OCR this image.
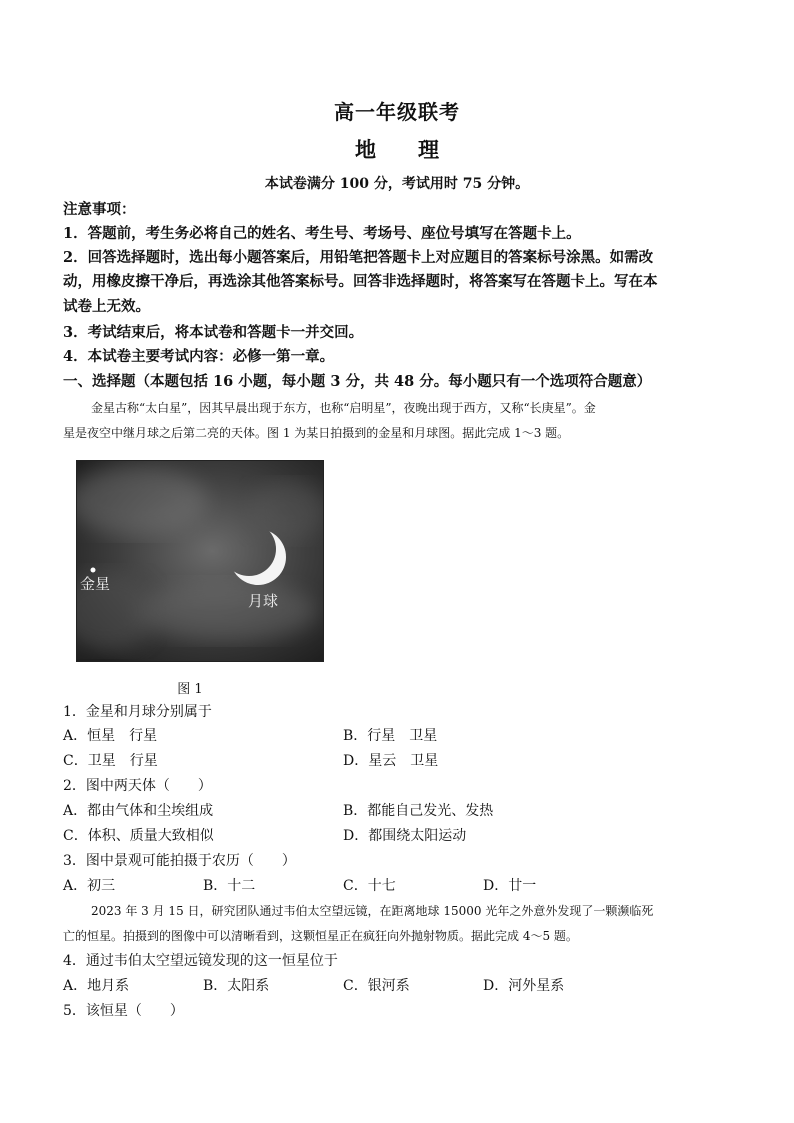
高一年级联考
地 理
本试卷满分 100 分，考试用时 75 分钟。
注意事项：
1．答题前，考生务必将自己的姓名、考生号、考场号、座位号填写在答题卡上。
2．回答选择题时，选出每小题答案后，用铅笔把答题卡上对应题目的答案标号涂黑。如需改
动，用橡皮擦干净后，再选涂其他答案标号。回答非选择题时，将答案写在答题卡上。写在本
试卷上无效。
3．考试结束后，将本试卷和答题卡一并交回。
4．本试卷主要考试内容：必修一第一章。
一、选择题（本题包括 16 小题，每小题 3 分，共 48 分。每小题只有一个选项符合题意）
金星古称“太白星”，因其早晨出现于东方，也称“启明星”，夜晚出现于西方，又称“长庚星”。金
星是夜空中继月球之后第二亮的天体。图 1 为某日拍摄到的金星和月球图。据此完成 1～3 题。
金星
月球
图 1
1．金星和月球分别属于
A．恒星　行星	B．行星　卫星
C．卫星　行星	D．星云　卫星
2．图中两天体（　　）
A．都由气体和尘埃组成	B．都能自己发光、发热
C．体积、质量大致相似	D．都围绕太阳运动
3．图中景观可能拍摄于农历（　　）
A．初三	B．十二	C．十七	D．廿一
2023 年 3 月 15 日，研究团队通过韦伯太空望远镜，在距离地球 15000 光年之外意外发现了一颗濒临死
亡的恒星。拍摄到的图像中可以清晰看到，这颗恒星正在疯狂向外抛射物质。据此完成 4～5 题。
4．通过韦伯太空望远镜发现的这一恒星位于
A．地月系	B．太阳系	C．银河系	D．河外星系
5．该恒星（　　）
